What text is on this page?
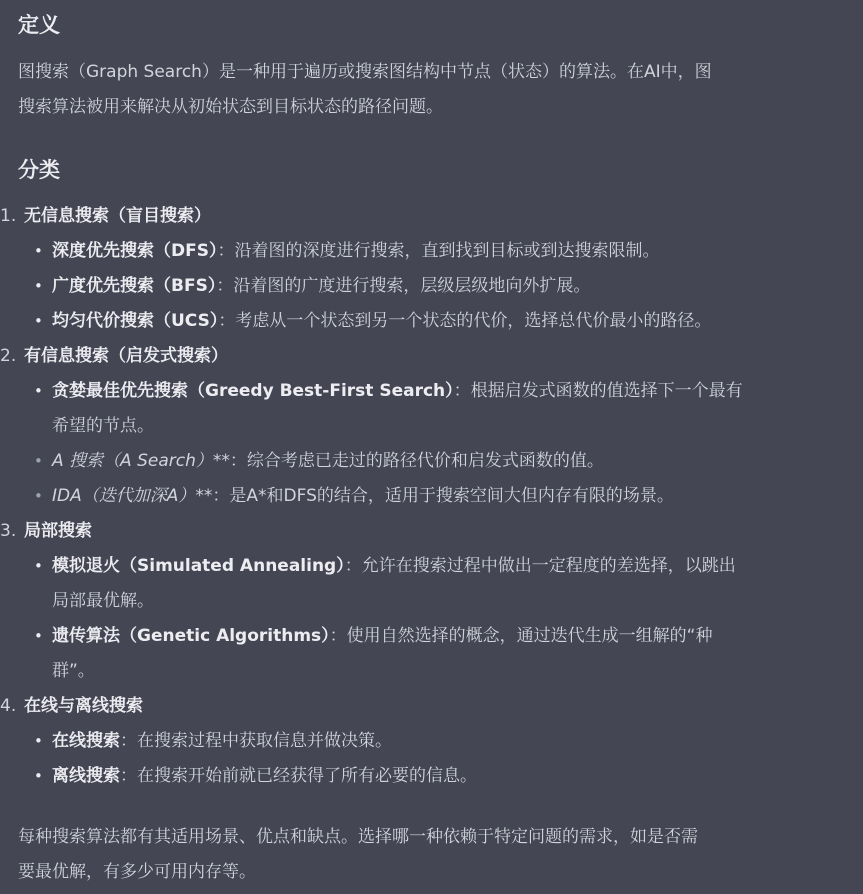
定义

图搜索（Graph Search）是一种用于遍历或搜索图结构中节点（状态）的算法。在AI中，图

搜索算法被用来解决从初始状态到目标状态的路径问题。

分类
1. 无信息搜索（盲目搜索）
• 深度优先搜索（DFS）：沿着图的深度进行搜索，直到找到目标或到达搜索限制。
• 广度优先搜索（BFS）：沿着图的广度进行搜索，层级层级地向外扩展。
• 均匀代价搜索（UCS）：考虑从一个状态到另一个状态的代价，选择总代价最小的路径。
2. 有信息搜索（启发式搜索）
• 贪婪最佳优先搜索（Greedy Best-First Search）：根据启发式函数的值选择下一个最有
希望的节点。
• A 搜索（A Search）**：综合考虑已走过的路径代价和启发式函数的值。
• IDA（迭代加深A）**：是A*和DFS的结合，适用于搜索空间大但内存有限的场景。
3. 局部搜索
• 模拟退火（Simulated Annealing）：允许在搜索过程中做出一定程度的差选择，以跳出
局部最优解。
• 遗传算法（Genetic Algorithms）：使用自然选择的概念，通过迭代生成一组解的“种
群”。
4. 在线与离线搜索
• 在线搜索：在搜索过程中获取信息并做决策。
• 离线搜索：在搜索开始前就已经获得了所有必要的信息。

每种搜索算法都有其适用场景、优点和缺点。选择哪一种依赖于特定问题的需求，如是否需

要最优解，有多少可用内存等。
